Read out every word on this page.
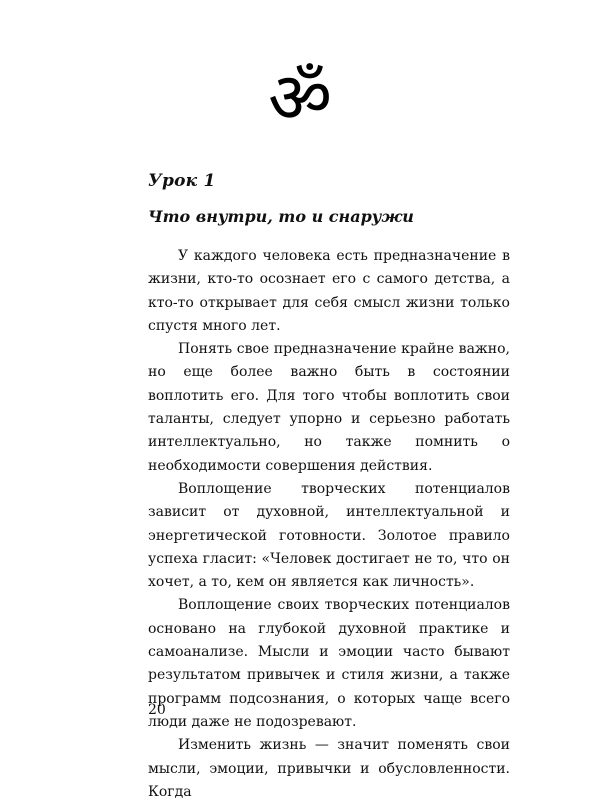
ॐ
Урок 1
Что внутри, то и снаружи

У каждого человека есть предназначение в жизни, кто-то осознает его с самого детства, а кто-то открывает для себя смысл жизни только спустя много лет.

Понять свое предназначение крайне важно, но еще более важно быть в состоянии воплотить его. Для того чтобы воплотить свои таланты, следует упорно и серьезно работать интеллектуально, но также помнить о необходимости совершения действия.

Воплощение творческих потенциалов зависит от духовной, интеллектуальной и энергетической готовности. Золотое правило успеха гласит: «Человек достигает не то, что он хочет, а то, кем он является как личность».

Воплощение своих творческих потенциалов основано на глубокой духовной практике и самоанализе. Мысли и эмоции часто бывают результатом привычек и стиля жизни, а также программ подсознания, о которых чаще всего люди даже не подозревают.

Изменить жизнь — значит поменять свои мысли, эмоции, привычки и обусловленности. Когда

20
